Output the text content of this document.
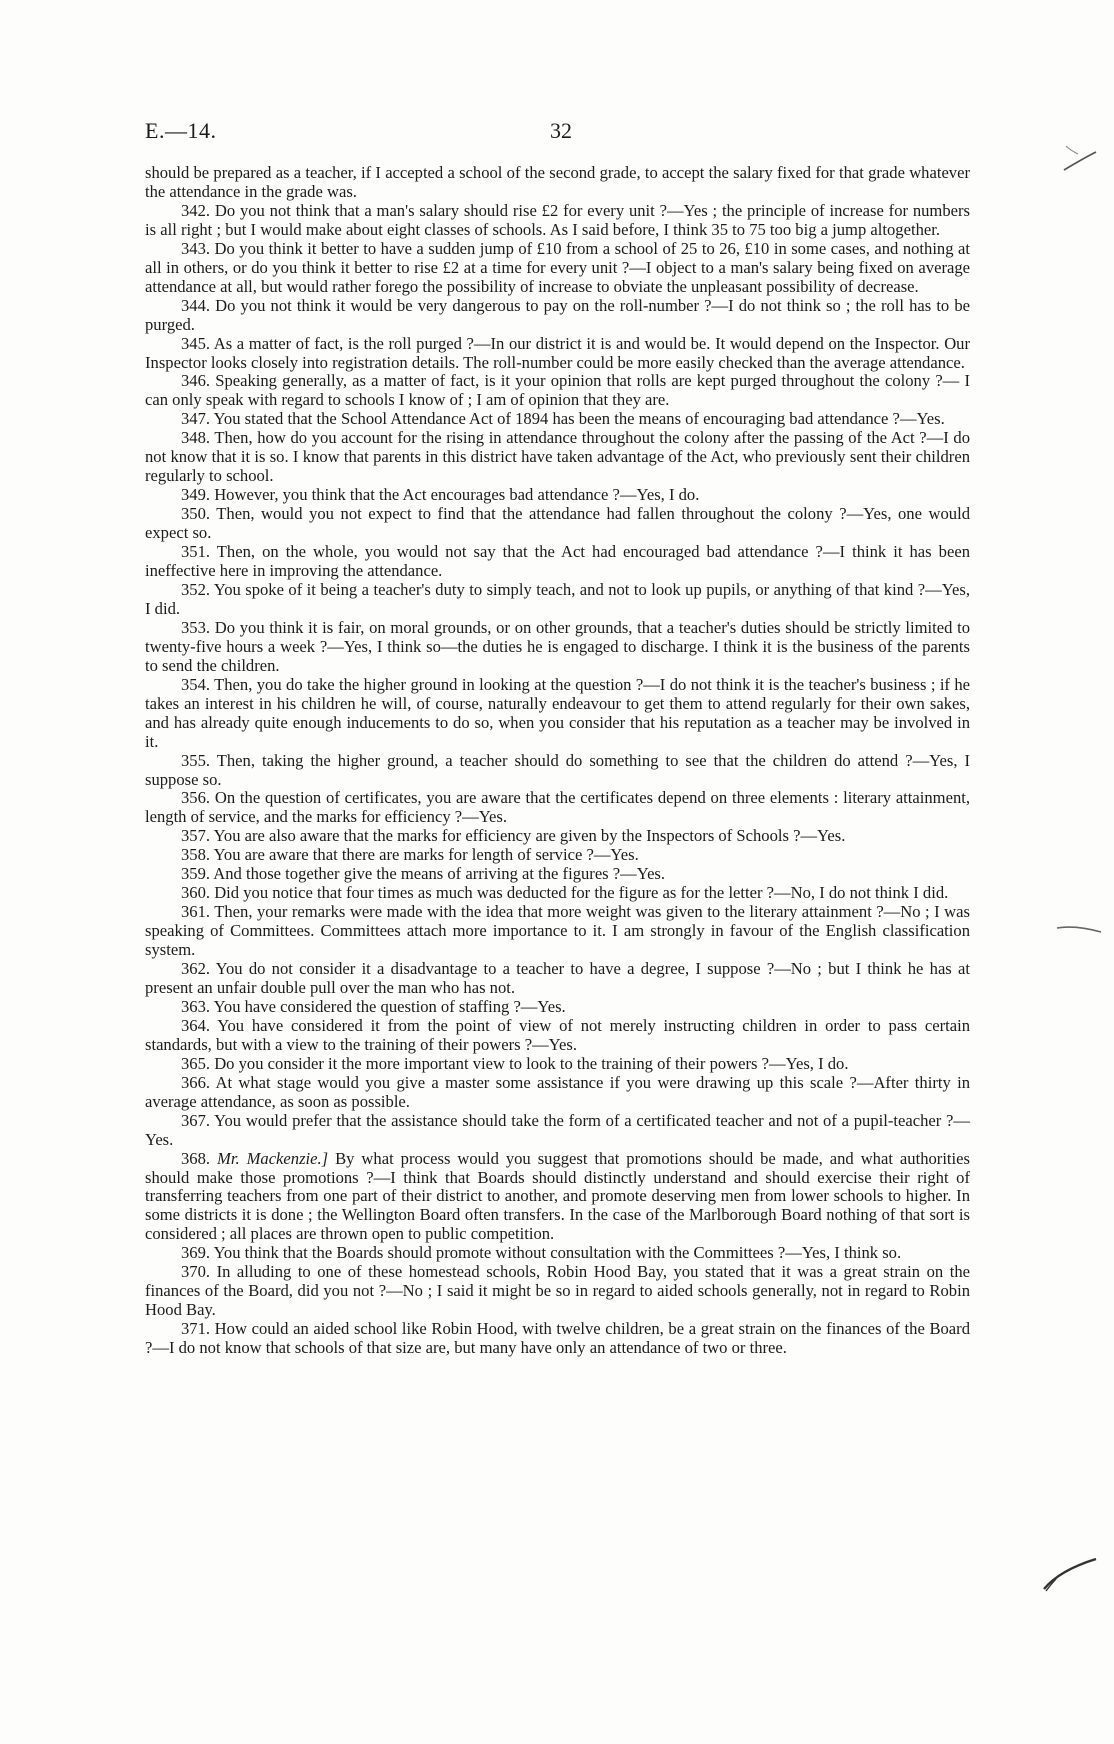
E.—14.	32

should be prepared as a teacher, if I accepted a school of the second grade, to accept the salary fixed for that grade whatever the attendance in the grade was.

342. Do you not think that a man's salary should rise £2 for every unit ?—Yes ; the principle of increase for numbers is all right ; but I would make about eight classes of schools. As I said before, I think 35 to 75 too big a jump altogether.

343. Do you think it better to have a sudden jump of £10 from a school of 25 to 26, £10 in some cases, and nothing at all in others, or do you think it better to rise £2 at a time for every unit ?—I object to a man's salary being fixed on average attendance at all, but would rather forego the possibility of increase to obviate the unpleasant possibility of decrease.

344. Do you not think it would be very dangerous to pay on the roll-number ?—I do not think so ; the roll has to be purged.

345. As a matter of fact, is the roll purged ?—In our district it is and would be. It would depend on the Inspector. Our Inspector looks closely into registration details. The roll-number could be more easily checked than the average attendance.

346. Speaking generally, as a matter of fact, is it your opinion that rolls are kept purged throughout the colony ?— I can only speak with regard to schools I know of ; I am of opinion that they are.

347. You stated that the School Attendance Act of 1894 has been the means of encouraging bad attendance ?—Yes.

348. Then, how do you account for the rising in attendance throughout the colony after the passing of the Act ?—I do not know that it is so. I know that parents in this district have taken advantage of the Act, who previously sent their children regularly to school.

349. However, you think that the Act encourages bad attendance ?—Yes, I do.

350. Then, would you not expect to find that the attendance had fallen throughout the colony ?—Yes, one would expect so.

351. Then, on the whole, you would not say that the Act had encouraged bad attendance ?—I think it has been ineffective here in improving the attendance.

352. You spoke of it being a teacher's duty to simply teach, and not to look up pupils, or anything of that kind ?—Yes, I did.

353. Do you think it is fair, on moral grounds, or on other grounds, that a teacher's duties should be strictly limited to twenty-five hours a week ?—Yes, I think so—the duties he is engaged to discharge. I think it is the business of the parents to send the children.

354. Then, you do take the higher ground in looking at the question ?—I do not think it is the teacher's business ; if he takes an interest in his children he will, of course, naturally endeavour to get them to attend regularly for their own sakes, and has already quite enough inducements to do so, when you consider that his reputation as a teacher may be involved in it.

355. Then, taking the higher ground, a teacher should do something to see that the children do attend ?—Yes, I suppose so.

356. On the question of certificates, you are aware that the certificates depend on three elements : literary attainment, length of service, and the marks for efficiency ?—Yes.

357. You are also aware that the marks for efficiency are given by the Inspectors of Schools ?—Yes.

358. You are aware that there are marks for length of service ?—Yes.

359. And those together give the means of arriving at the figures ?—Yes.

360. Did you notice that four times as much was deducted for the figure as for the letter ?—No, I do not think I did.

361. Then, your remarks were made with the idea that more weight was given to the literary attainment ?—No ; I was speaking of Committees. Committees attach more importance to it. I am strongly in favour of the English classification system.

362. You do not consider it a disadvantage to a teacher to have a degree, I suppose ?—No ; but I think he has at present an unfair double pull over the man who has not.

363. You have considered the question of staffing ?—Yes.

364. You have considered it from the point of view of not merely instructing children in order to pass certain standards, but with a view to the training of their powers ?—Yes.

365. Do you consider it the more important view to look to the training of their powers ?—Yes, I do.

366. At what stage would you give a master some assistance if you were drawing up this scale ?—After thirty in average attendance, as soon as possible.

367. You would prefer that the assistance should take the form of a certificated teacher and not of a pupil-teacher ?—Yes.

368. Mr. Mackenzie.] By what process would you suggest that promotions should be made, and what authorities should make those promotions ?—I think that Boards should distinctly understand and should exercise their right of transferring teachers from one part of their district to another, and promote deserving men from lower schools to higher. In some districts it is done ; the Wellington Board often transfers. In the case of the Marlborough Board nothing of that sort is considered ; all places are thrown open to public competition.

369. You think that the Boards should promote without consultation with the Committees ?—Yes, I think so.

370. In alluding to one of these homestead schools, Robin Hood Bay, you stated that it was a great strain on the finances of the Board, did you not ?—No ; I said it might be so in regard to aided schools generally, not in regard to Robin Hood Bay.

371. How could an aided school like Robin Hood, with twelve children, be a great strain on the finances of the Board ?—I do not know that schools of that size are, but many have only an attendance of two or three.
